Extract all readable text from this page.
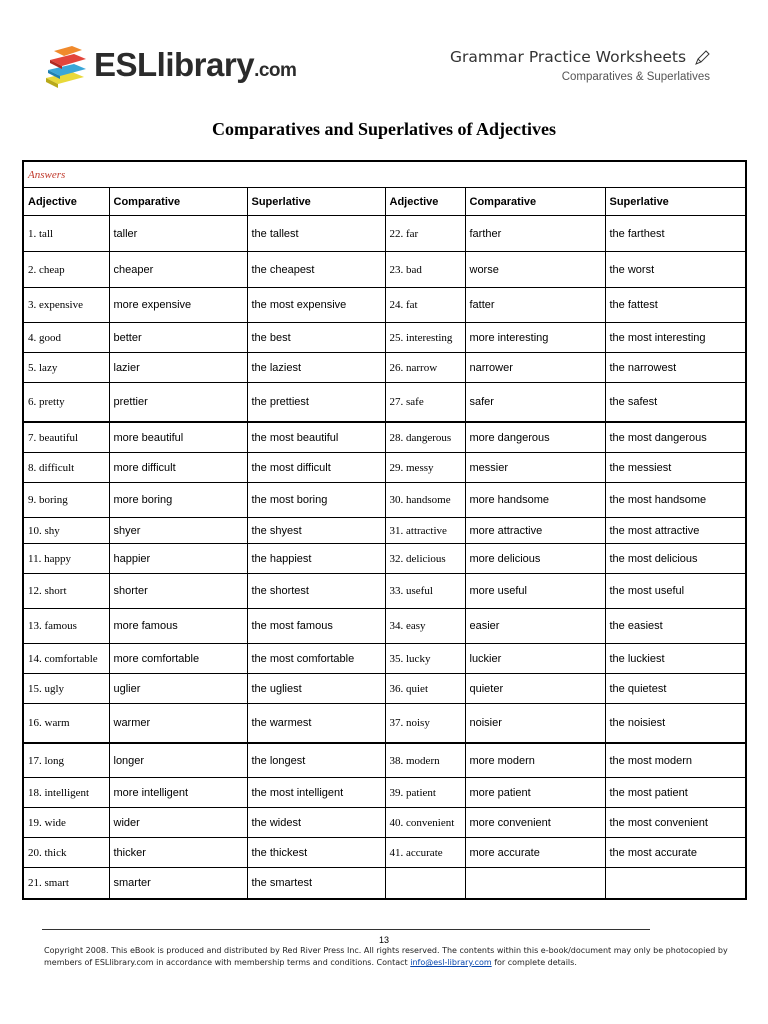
ESLlibrary.com
Grammar Practice Worksheets
Comparatives & Superlatives
Comparatives and Superlatives of Adjectives
Answers					
Adjective	Comparative	Superlative	Adjective	Comparative	Superlative
1. tall	taller	the tallest	22. far	farther	the farthest
2. cheap	cheaper	the cheapest	23. bad	worse	the worst
3. expensive	more expensive	the most expensive	24. fat	fatter	the fattest
4. good	better	the best	25. interesting	more interesting	the most interesting
5. lazy	lazier	the laziest	26. narrow	narrower	the narrowest
6. pretty	prettier	the prettiest	27. safe	safer	the safest
7. beautiful	more beautiful	the most beautiful	28. dangerous	more dangerous	the most dangerous
8. difficult	more difficult	the most difficult	29. messy	messier	the messiest
9. boring	more boring	the most boring	30. handsome	more handsome	the most handsome
10. shy	shyer	the shyest	31. attractive	more attractive	the most attractive
11. happy	happier	the happiest	32. delicious	more delicious	the most delicious
12. short	shorter	the shortest	33. useful	more useful	the most useful
13. famous	more famous	the most famous	34. easy	easier	the easiest
14. comfortable	more comfortable	the most comfortable	35. lucky	luckier	the luckiest
15. ugly	uglier	the ugliest	36. quiet	quieter	the quietest
16. warm	warmer	the warmest	37. noisy	noisier	the noisiest
17. long	longer	the longest	38. modern	more modern	the most modern
18. intelligent	more intelligent	the most intelligent	39. patient	more patient	the most patient
19. wide	wider	the widest	40. convenient	more convenient	the most convenient
20. thick	thicker	the thickest	41. accurate	more accurate	the most accurate
21. smart	smarter	the smartest			
13
Copyright 2008. This eBook is produced and distributed by Red River Press Inc. All rights reserved. The contents within this e-book/document may only be photocopied by members of ESLlibrary.com in accordance with membership terms and conditions. Contact info@esl-library.com for complete details.
